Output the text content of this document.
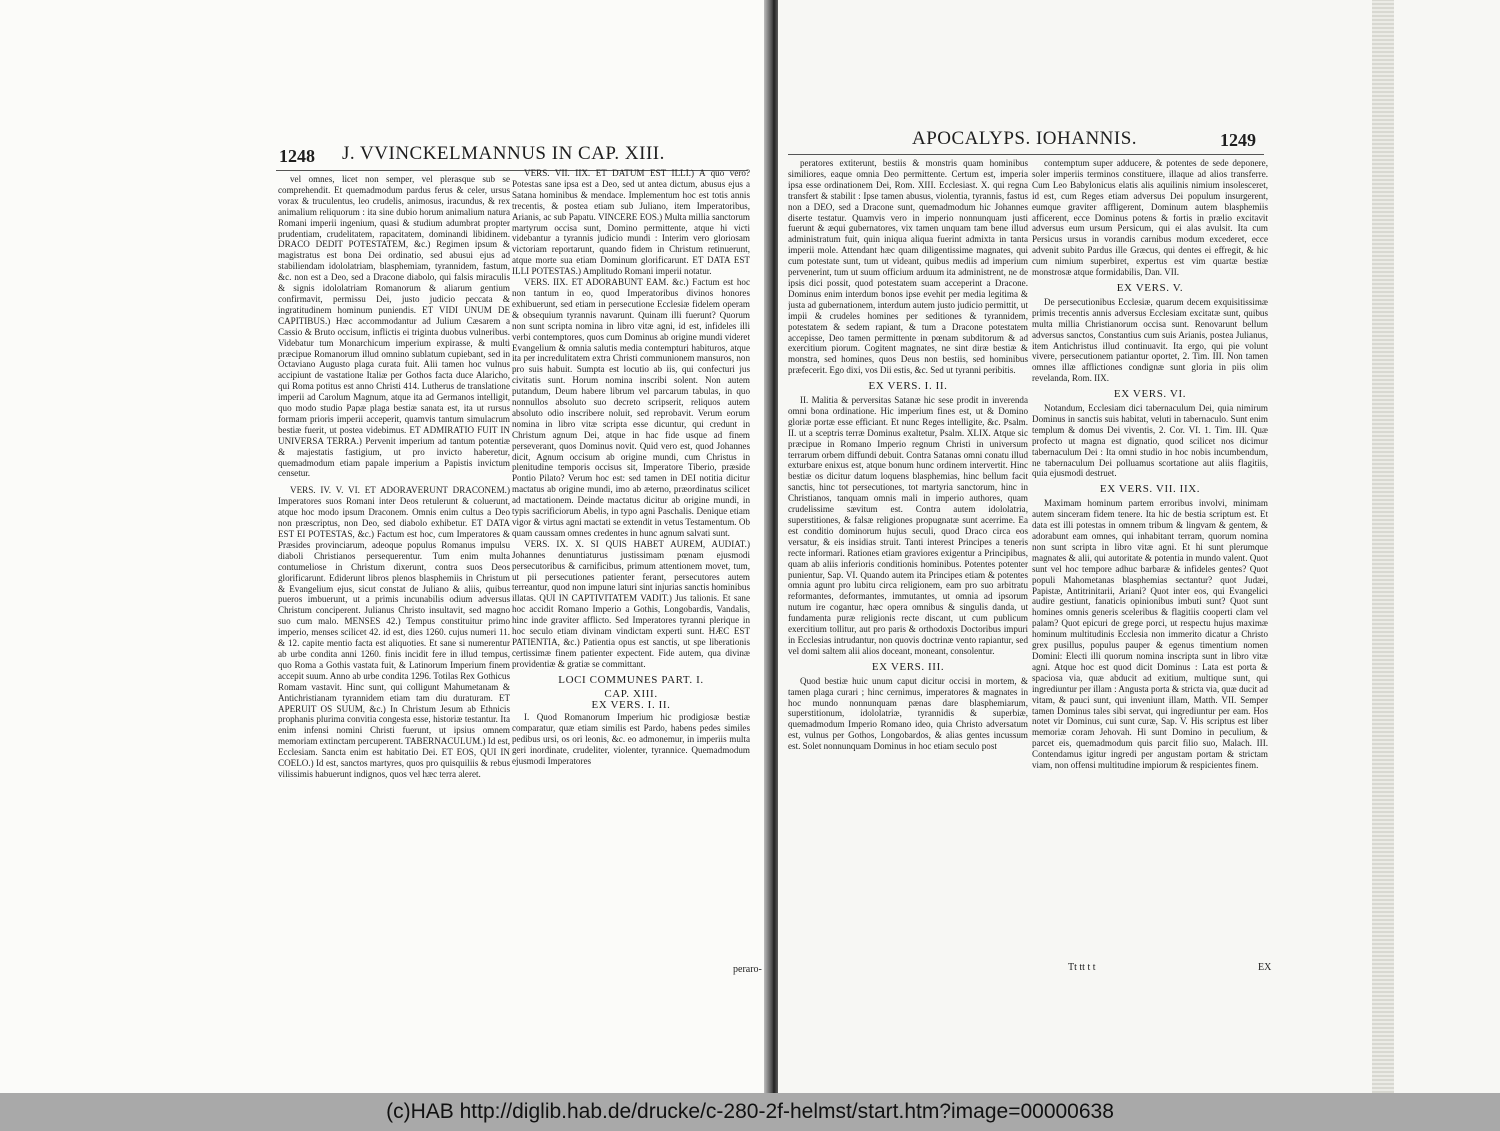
1248 J. VVINCKELMANNUS IN CAP. XIII.

vel omnes, licet non semper, vel plerasque sub se comprehendit. Et quemadmodum pardus ferus & celer, ursus vorax & truculentus, leo crudelis, animosus, iracundus, & rex animalium reliquorum : ita sine dubio horum animalium natura Romani imperii ingenium, quasi & studium adumbrat propter prudentiam, crudelitatem, rapacitatem, dominandi libidinem. DRACO DEDIT POTESTATEM, &c.) Regimen ipsum & magistratus est bona Dei ordinatio, sed abusui ejus ad stabiliendam idololatriam, blasphemiam, tyrannidem, fastum, &c. non est a Deo, sed a Dracone diabolo, qui falsis miraculis & signis idololatriam Romanorum & aliarum gentium confirmavit, permissu Dei, justo judicio peccata & ingratitudinem hominum puniendis. ET VIDI UNUM DE CAPITIBUS.) Hæc accommodantur ad Julium Cæsarem a Cassio & Bruto occisum, inflictis ei triginta duobus vulneribus. Videbatur tum Monarchicum imperium expirasse, & multi præcipue Romanorum illud omnino sublatum cupiebant, sed in Octaviano Augusto plaga curata fuit. Alii tamen hoc vulnus accipiunt de vastatione Italiæ per Gothos facta duce Alaricho, qui Roma potitus est anno Christi 414. Lutherus de translatione imperii ad Carolum Magnum, atque ita ad Germanos intelligit, quo modo studio Papæ plaga bestiæ sanata est, ita ut rursus formam prioris imperii acceperit, quamvis tantum simulacrum bestiæ fuerit, ut postea videbimus. ET ADMIRATIO FUIT IN UNIVERSA TERRA.) Pervenit imperium ad tantum potentiæ & majestatis fastigium, ut pro invicto haberetur, quemadmodum etiam papale imperium a Papistis invictum censetur.

VERS. IV. V. VI. ET ADORAVERUNT DRACONEM.) Imperatores suos Romani inter Deos retulerunt & coluerunt, atque hoc modo ipsum Draconem. Omnis enim cultus a Deo non præscriptus, non Deo, sed diabolo exhibetur. ET DATA EST EI POTESTAS, &c.) Factum est hoc, cum Imperatores & Præsides provinciarum, adeoque populus Romanus impulsu diaboli Christianos persequerentur. Tum enim multa contumeliose in Christum dixerunt, contra suos Deos glorificarunt. Ediderunt libros plenos blasphemiis in Christum & Evangelium ejus, sicut constat de Juliano & aliis, quibus pueros imbuerunt, ut a primis incunabilis odium adversus Christum conciperent. Julianus Christo insultavit, sed magno suo cum malo. MENSES 42.) Tempus constituitur primo imperio, menses scilicet 42. id est, dies 1260. cujus numeri 11. & 12. capite mentio facta est aliquoties. Et sane si numerentur ab urbe condita anni 1260. finis incidit fere in illud tempus, quo Roma a Gothis vastata fuit, & Latinorum Imperium finem accepit suum. Anno ab urbe condita 1296. Totilas Rex Gothicus Romam vastavit. Hinc sunt, qui colligunt Mahumetanam & Antichristianam tyrannidem etiam tam diu duraturam. ET APERUIT OS SUUM, &c.) In Christum Jesum ab Ethnicis prophanis plurima convitia congesta esse, historiæ testantur. Ita enim infensi nomini Christi fuerunt, ut ipsius omnem memoriam extinctam percuperent. TABERNACULUM.) Id est, Ecclesiam. Sancta enim est habitatio Dei. ET EOS, QUI IN COELO.) Id est, sanctos martyres, quos pro quisquiliis & rebus vilissimis habuerunt indignos, quos vel hæc terra aleret.

VERS. VII. IIX. ET DATUM EST ILLI.) A quo vero? Potestas sane ipsa est a Deo, sed ut antea dictum, abusus ejus a Satana hominibus & mendace. Implementum hoc est totis annis trecentis, & postea etiam sub Juliano, item Imperatoribus, Arianis, ac sub Papatu. VINCERE EOS.) Multa millia sanctorum martyrum occisa sunt, Domino permittente, atque hi victi videbantur a tyrannis judicio mundi : Interim vero gloriosam victoriam reportarunt, quando fidem in Christum retinuerunt, atque morte sua etiam Dominum glorificarunt. ET DATA EST ILLI POTESTAS.) Amplitudo Romani imperii notatur.

VERS. IIX. ET ADORABUNT EAM. &c.) Factum est hoc non tantum in eo, quod Imperatoribus divinos honores exhibuerunt, sed etiam in persecutione Ecclesiæ fidelem operam & obsequium tyrannis navarunt. Quinam illi fuerunt? Quorum non sunt scripta nomina in libro vitæ agni, id est, infideles illi verbi contemptores, quos cum Dominus ab origine mundi videret Evangelium & omnia salutis media contempturi habituros, atque ita per incredulitatem extra Christi communionem mansuros, non pro suis habuit. Sumpta est locutio ab iis, qui confecturi jus civitatis sunt. Horum nomina inscribi solent. Non autem putandum, Deum habere librum vel parcarum tabulas, in quo nonnullos absoluto suo decreto scripserit, reliquos autem absoluto odio inscribere noluit, sed reprobavit. Verum eorum nomina in libro vitæ scripta esse dicuntur, qui credunt in Christum agnum Dei, atque in hac fide usque ad finem perseverant, quos Dominus novit. Quid vero est, quod Johannes dicit, Agnum occisum ab origine mundi, cum Christus in plenitudine temporis occisus sit, Imperatore Tiberio, præside Pontio Pilato? Verum hoc est: sed tamen in DEI notitia dicitur mactatus ab origine mundi, imo ab æterno, præordinatus scilicet ad mactationem. Deinde mactatus dicitur ab origine mundi, in typis sacrificiorum Abelis, in typo agni Paschalis. Denique etiam vigor & virtus agni mactati se extendit in vetus Testamentum. Ob quam caussam omnes credentes in hunc agnum salvati sunt.

VERS. IX. X. SI QUIS HABET AUREM, AUDIAT.) Johannes denuntiaturus justissimam pœnam ejusmodi persecutoribus & carnificibus, primum attentionem movet, tum, ut pii persecutiones patienter ferant, persecutores autem terreantur, quod non impune laturi sint injurias sanctis hominibus illatas. QUI IN CAPTIVITATEM VADIT.) Jus talionis. Et sane hoc accidit Romano Imperio a Gothis, Longobardis, Vandalis, hinc inde graviter afflicto. Sed Imperatores tyranni plerique in hoc seculo etiam divinam vindictam experti sunt. HÆC EST PATIENTIA, &c.) Patientia opus est sanctis, ut spe liberationis certissimæ finem patienter expectent. Fide autem, qua divinæ providentiæ & gratiæ se committant.

LOCI COMMUNES PART. I.
CAP. XIII.
EX VERS. I. II.

I. Quod Romanorum Imperium hic prodigiosæ bestiæ comparatur, quæ etiam similis est Pardo, habens pedes similes pedibus ursi, os ori leonis, &c. eo admonemur, in imperiis multa geri inordinate, crudeliter, violenter, tyrannice. Quemadmodum ejusmodi Imperatores

peraro-
APOCALYPS. IOHANNIS.	1249

peratores extiterunt, bestiis & monstris quam hominibus similiores, eaque omnia Deo permittente. Certum est, imperia ipsa esse ordinationem Dei, Rom. XIII. Ecclesiast. X. qui regna transfert & stabilit : Ipse tamen abusus, violentia, tyrannis, fastus non a DEO, sed a Dracone sunt, quemadmodum hic Johannes diserte testatur. Quamvis vero in imperio nonnunquam justi fuerunt & æqui gubernatores, vix tamen unquam tam bene illud administratum fuit, quin iniqua aliqua fuerint admixta in tanta imperii mole. Attendant hæc quam diligentissime magnates, qui cum potestate sunt, tum ut videant, quibus mediis ad imperium pervenerint, tum ut suum officium arduum ita administrent, ne de ipsis dici possit, quod potestatem suam acceperint a Dracone. Dominus enim interdum bonos ipse evehit per media legitima & justa ad gubernationem, interdum autem justo judicio permittit, ut impii & crudeles homines per seditiones & tyrannidem, potestatem & sedem rapiant, & tum a Dracone potestatem accepisse, Deo tamen permittente in pœnam subditorum & ad exercitium piorum. Cogitent magnates, ne sint diræ bestiæ & monstra, sed homines, quos Deus non bestiis, sed hominibus præfecerit. Ego dixi, vos Dii estis, &c. Sed ut tyranni peribitis.

EX VERS. I. II.

II. Malitia & perversitas Satanæ hic sese prodit in inverenda omni bona ordinatione. Hic imperium fines est, ut & Domino gloriæ portæ esse efficiant. Et nunc Reges intelligite, &c. Psalm. II. ut a sceptris terræ Dominus exaltetur, Psalm. XLIX. Atque sic præcipue in Romano Imperio regnum Christi in universum terrarum orbem diffundi debuit. Contra Satanas omni conatu illud exturbare enixus est, atque bonum hunc ordinem intervertit. Hinc bestiæ os dicitur datum loquens blasphemias, hinc bellum facit sanctis, hinc tot persecutiones, tot martyria sanctorum, hinc in Christianos, tanquam omnis mali in imperio authores, quam crudelissime sævitum est. Contra autem idololatria, superstitiones, & falsæ religiones propugnatæ sunt acerrime. Ea est conditio dominorum hujus seculi, quod Draco circa eos versatur, & eis insidias struit. Tanti interest Principes a teneris recte informari. Rationes etiam graviores exigentur a Principibus, quam ab aliis inferioris conditionis hominibus. Potentes potenter punientur, Sap. VI. Quando autem ita Principes etiam & potentes omnia agunt pro lubitu circa religionem, eam pro suo arbitratu reformantes, deformantes, immutantes, ut omnia ad ipsorum nutum ire cogantur, hæc opera omnibus & singulis danda, ut fundamenta puræ religionis recte discant, ut cum publicum exercitium tollitur, aut pro paris & orthodoxis Doctoribus impuri in Ecclesias intrudantur, non quovis doctrinæ vento rapiantur, sed vel domi saltem alii alios doceant, moneant, consolentur.

EX VERS. III.

Quod bestiæ huic unum caput dicitur occisi in mortem, & tamen plaga curari ; hinc cernimus, imperatores & magnates in hoc mundo nonnunquam pænas dare blasphemiarum, superstitionum, idololatriæ, tyrannidis & superbiæ, quemadmodum Imperio Romano ideo, quia Christo adversatum est, vulnus per Gothos, Longobardos, & alias gentes incussum est. Solet nonnunquam Dominus in hoc etiam seculo post

contemptum super adducere, & potentes de sede deponere, soler imperiis terminos constituere, illaque ad alios transferre. Cum Leo Babylonicus elatis alis aquilinis nimium insolesceret, id est, cum Reges etiam adversus Dei populum insurgerent, eumque graviter affligerent, Dominum autem blasphemiis afficerent, ecce Dominus potens & fortis in prælio excitavit adversus eum ursum Persicum, qui ei alas avulsit. Ita cum Persicus ursus in vorandis carnibus modum excederet, ecce advenit subito Pardus ille Græcus, qui dentes ei effregit, & hic cum nimium superbiret, expertus est vim quartæ bestiæ monstrosæ atque formidabilis, Dan. VII.

EX VERS. V.

De persecutionibus Ecclesiæ, quarum decem exquisitissimæ primis trecentis annis adversus Ecclesiam excitatæ sunt, quibus multa millia Christianorum occisa sunt. Renovarunt bellum adversus sanctos, Constantius cum suis Arianis, postea Julianus, item Antichristus illud continuavit. Ita ergo, qui pie volunt vivere, persecutionem patiantur oportet, 2. Tim. III. Non tamen omnes illæ afflictiones condignæ sunt gloria in piis olim revelanda, Rom. IIX.

EX VERS. VI.

Notandum, Ecclesiam dici tabernaculum Dei, quia nimirum Dominus in sanctis suis habitat, veluti in tabernaculo. Sunt enim templum & domus Dei viventis, 2. Cor. VI. 1. Tim. III. Quæ profecto ut magna est dignatio, quod scilicet nos dicimur tabernaculum Dei : Ita omni studio in hoc nobis incumbendum, ne tabernaculum Dei polluamus scortatione aut aliis flagitiis, quia ejusmodi destruet.

EX VERS. VII. IIX.

Maximam hominum partem erroribus involvi, minimam autem sinceram fidem tenere. Ita hic de bestia scriptum est. Et data est illi potestas in omnem tribum & lingvam & gentem, & adorabunt eam omnes, qui inhabitant terram, quorum nomina non sunt scripta in libro vitæ agni. Et hi sunt plerumque magnates & alii, qui autoritate & potentia in mundo valent. Quot sunt vel hoc tempore adhuc barbaræ & infideles gentes? Quot populi Mahometanas blasphemias sectantur? quot Judæi, Papistæ, Antitrinitarii, Ariani? Quot inter eos, qui Evangelici audire gestiunt, fanaticis opinionibus imbuti sunt? Quot sunt homines omnis generis sceleribus & flagitiis cooperti clam vel palam? Quot epicuri de grege porci, ut respectu hujus maximæ hominum multitudinis Ecclesia non immerito dicatur a Christo grex pusillus, populus pauper & egenus timentium nomen Domini: Electi illi quorum nomina inscripta sunt in libro vitæ agni. Atque hoc est quod dicit Dominus : Lata est porta & spaciosa via, quæ abducit ad exitium, multique sunt, qui ingrediuntur per illam : Angusta porta & stricta via, quæ ducit ad vitam, & pauci sunt, qui inveniunt illam, Matth. VII. Semper tamen Dominus tales sibi servat, qui ingrediuntur per eam. Hos notet vir Dominus, cui sunt curæ, Sap. V. His scriptus est liber memoriæ coram Jehovah. Hi sunt Domino in peculium, & parcet eis, quemadmodum quis parcit filio suo, Malach. III. Contendamus igitur ingredi per angustam portam & strictam viam, non offensi multitudine impiorum & respicientes finem.

Tt tt t t	EX
(c)HAB http://diglib.hab.de/drucke/c-280-2f-helmst/start.htm?image=00000638
